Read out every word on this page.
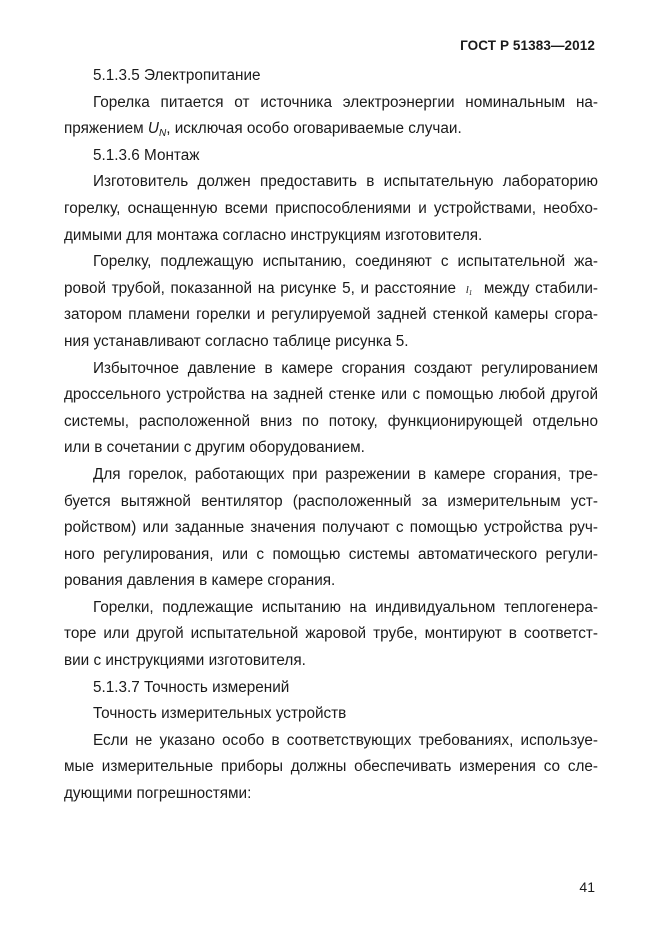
ГОСТ Р 51383—2012
5.1.3.5 Электропитание
Горелка питается от источника электроэнергии номинальным на-
пряжением $U_N$, исключая особо оговариваемые случаи.
5.1.3.6 Монтаж
Изготовитель должен предоставить в испытательную лабораторию
горелку, оснащенную всеми приспособлениями и устройствами, необхо-
димыми для монтажа согласно инструкциям изготовителя.
Горелку, подлежащую испытанию, соединяют с испытательной жа-
ровой трубой, показанной на рисунке 5, и расстояние $l_1$ между стабили-
затором пламени горелки и регулируемой задней стенкой камеры сгора-
ния устанавливают согласно таблице рисунка 5.
Избыточное давление в камере сгорания создают регулированием
дроссельного устройства на задней стенке или с помощью любой другой
системы, расположенной вниз по потоку, функционирующей отдельно
или в сочетании с другим оборудованием.
Для горелок, работающих при разрежении в камере сгорания, тре-
буется вытяжной вентилятор (расположенный за измерительным уст-
ройством) или заданные значения получают с помощью устройства руч-
ного регулирования, или с помощью системы автоматического регули-
рования давления в камере сгорания.
Горелки, подлежащие испытанию на индивидуальном теплогенера-
торе или другой испытательной жаровой трубе, монтируют в соответст-
вии с инструкциями изготовителя.
5.1.3.7 Точность измерений
Точность измерительных устройств
Если не указано особо в соответствующих требованиях, используе-
мые измерительные приборы должны обеспечивать измерения со сле-
дующими погрешностями:
41
